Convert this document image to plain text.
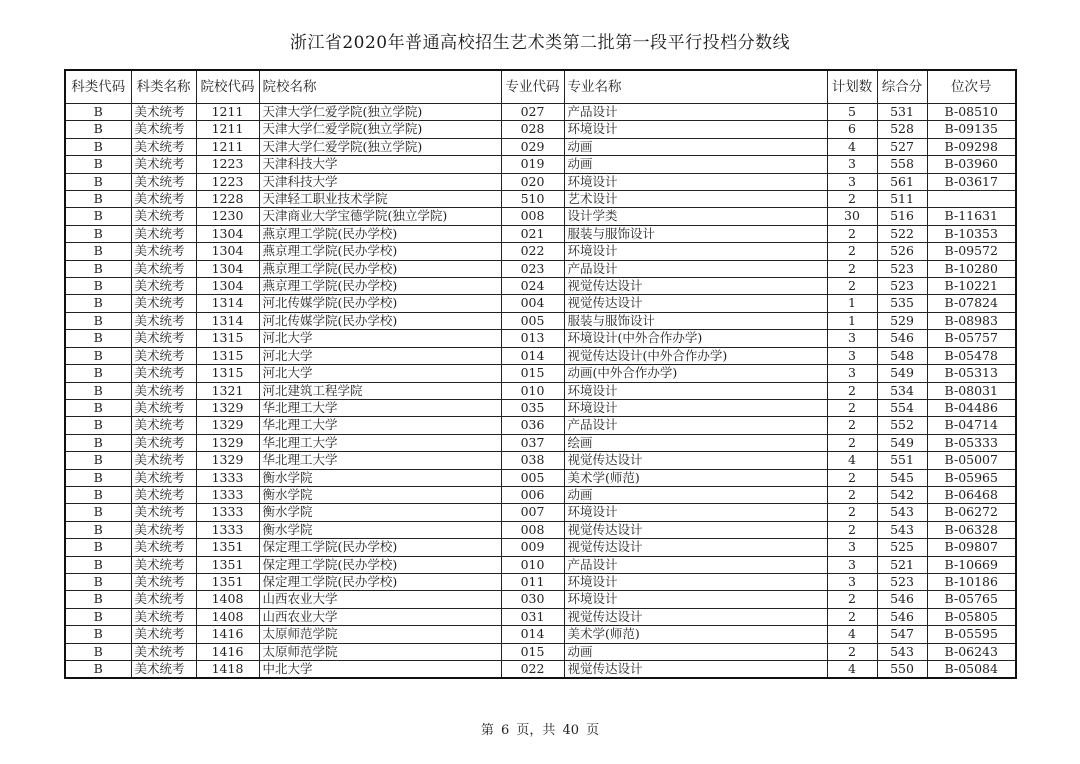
浙江省2020年普通高校招生艺术类第二批第一段平行投档分数线
科类代码	科类名称	院校代码	院校名称	专业代码	专业名称	计划数	综合分	位次号
B	美术统考	1211	天津大学仁爱学院(独立学院)	027	产品设计	5	531	B-08510
B	美术统考	1211	天津大学仁爱学院(独立学院)	028	环境设计	6	528	B-09135
B	美术统考	1211	天津大学仁爱学院(独立学院)	029	动画	4	527	B-09298
B	美术统考	1223	天津科技大学	019	动画	3	558	B-03960
B	美术统考	1223	天津科技大学	020	环境设计	3	561	B-03617
B	美术统考	1228	天津轻工职业技术学院	510	艺术设计	2	511	
B	美术统考	1230	天津商业大学宝德学院(独立学院)	008	设计学类	30	516	B-11631
B	美术统考	1304	燕京理工学院(民办学校)	021	服装与服饰设计	2	522	B-10353
B	美术统考	1304	燕京理工学院(民办学校)	022	环境设计	2	526	B-09572
B	美术统考	1304	燕京理工学院(民办学校)	023	产品设计	2	523	B-10280
B	美术统考	1304	燕京理工学院(民办学校)	024	视觉传达设计	2	523	B-10221
B	美术统考	1314	河北传媒学院(民办学校)	004	视觉传达设计	1	535	B-07824
B	美术统考	1314	河北传媒学院(民办学校)	005	服装与服饰设计	1	529	B-08983
B	美术统考	1315	河北大学	013	环境设计(中外合作办学)	3	546	B-05757
B	美术统考	1315	河北大学	014	视觉传达设计(中外合作办学)	3	548	B-05478
B	美术统考	1315	河北大学	015	动画(中外合作办学)	3	549	B-05313
B	美术统考	1321	河北建筑工程学院	010	环境设计	2	534	B-08031
B	美术统考	1329	华北理工大学	035	环境设计	2	554	B-04486
B	美术统考	1329	华北理工大学	036	产品设计	2	552	B-04714
B	美术统考	1329	华北理工大学	037	绘画	2	549	B-05333
B	美术统考	1329	华北理工大学	038	视觉传达设计	4	551	B-05007
B	美术统考	1333	衡水学院	005	美术学(师范)	2	545	B-05965
B	美术统考	1333	衡水学院	006	动画	2	542	B-06468
B	美术统考	1333	衡水学院	007	环境设计	2	543	B-06272
B	美术统考	1333	衡水学院	008	视觉传达设计	2	543	B-06328
B	美术统考	1351	保定理工学院(民办学校)	009	视觉传达设计	3	525	B-09807
B	美术统考	1351	保定理工学院(民办学校)	010	产品设计	3	521	B-10669
B	美术统考	1351	保定理工学院(民办学校)	011	环境设计	3	523	B-10186
B	美术统考	1408	山西农业大学	030	环境设计	2	546	B-05765
B	美术统考	1408	山西农业大学	031	视觉传达设计	2	546	B-05805
B	美术统考	1416	太原师范学院	014	美术学(师范)	4	547	B-05595
B	美术统考	1416	太原师范学院	015	动画	2	543	B-06243
B	美术统考	1418	中北大学	022	视觉传达设计	4	550	B-05084
第 6 页，共 40 页
